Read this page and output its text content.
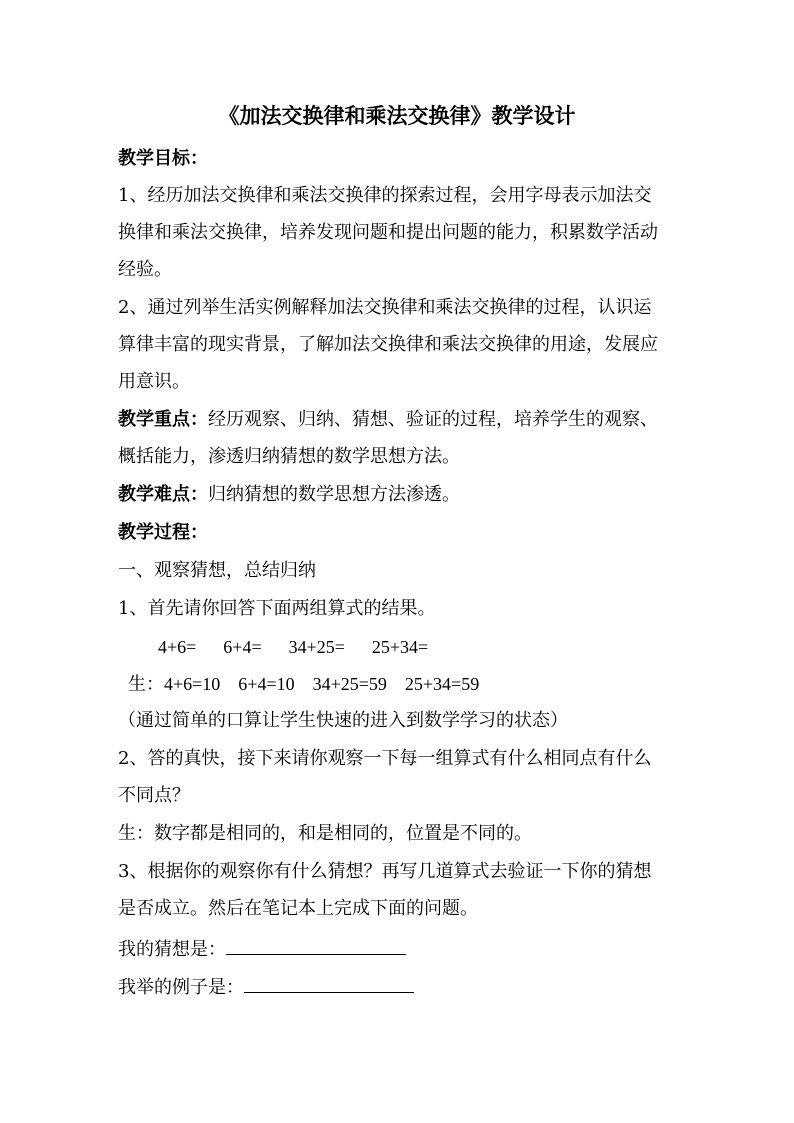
《加法交换律和乘法交换律》教学设计
教学目标：
1、经历加法交换律和乘法交换律的探索过程，会用字母表示加法交
换律和乘法交换律，培养发现问题和提出问题的能力，积累数学活动
经验。
2、通过列举生活实例解释加法交换律和乘法交换律的过程，认识运
算律丰富的现实背景，了解加法交换律和乘法交换律的用途，发展应
用意识。
教学重点：经历观察、归纳、猜想、验证的过程，培养学生的观察、
概括能力，渗透归纳猜想的数学思想方法。
教学难点：归纳猜想的数学思想方法渗透。
教学过程：
一、观察猜想，总结归纳
1、首先请你回答下面两组算式的结果。
4+6=      6+4=      34+25=      25+34=
生：4+6=10    6+4=10    34+25=59    25+34=59
（通过简单的口算让学生快速的进入到数学学习的状态）
2、答的真快，接下来请你观察一下每一组算式有什么相同点有什么
不同点？
生：数字都是相同的，和是相同的，位置是不同的。
3、根据你的观察你有什么猜想？再写几道算式去验证一下你的猜想
是否成立。然后在笔记本上完成下面的问题。
我的猜想是：
我举的例子是：
